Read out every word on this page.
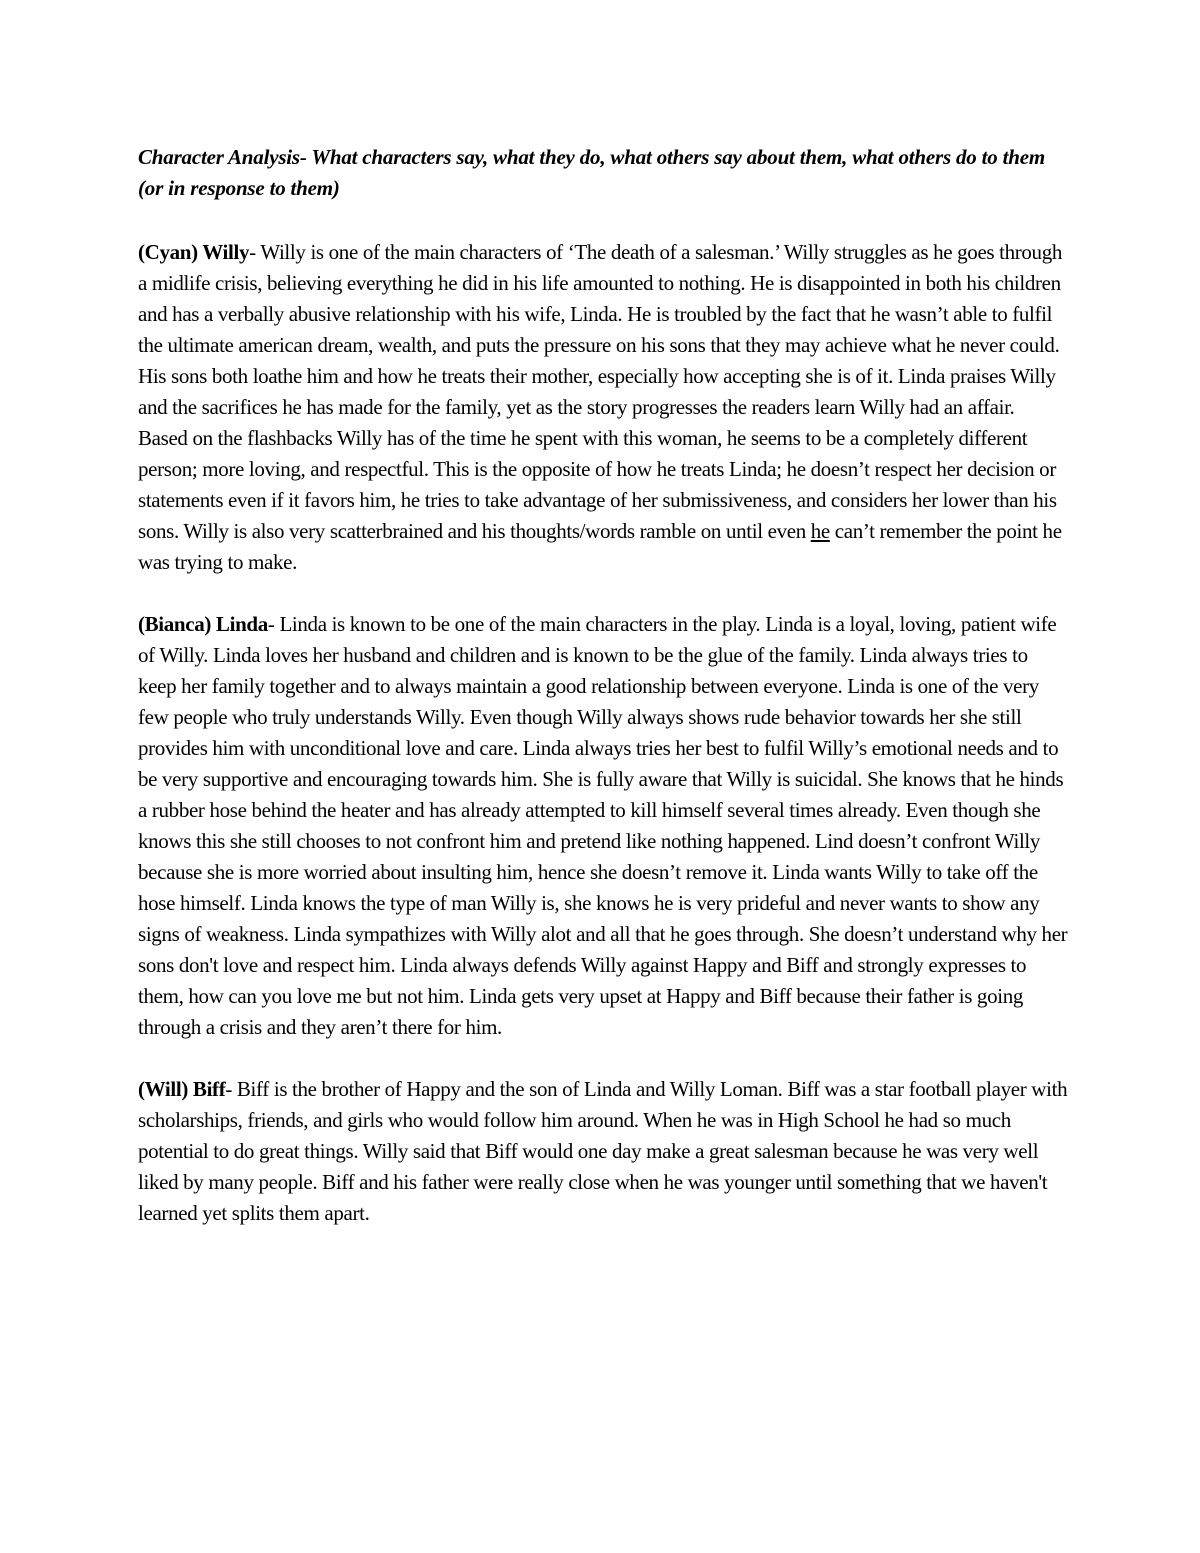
Character Analysis- What characters say, what they do, what others say about them, what others do to them (or in response to them)

(Cyan) Willy- Willy is one of the main characters of ‘The death of a salesman.’ Willy struggles as he goes through a midlife crisis, believing everything he did in his life amounted to nothing. He is disappointed in both his children and has a verbally abusive relationship with his wife, Linda. He is troubled by the fact that he wasn’t able to fulfil the ultimate american dream, wealth, and puts the pressure on his sons that they may achieve what he never could. His sons both loathe him and how he treats their mother, especially how accepting she is of it. Linda praises Willy and the sacrifices he has made for the family, yet as the story progresses the readers learn Willy had an affair. Based on the flashbacks Willy has of the time he spent with this woman, he seems to be a completely different person; more loving, and respectful. This is the opposite of how he treats Linda; he doesn’t respect her decision or statements even if it favors him, he tries to take advantage of her submissiveness, and considers her lower than his sons. Willy is also very scatterbrained and his thoughts/words ramble on until even he can’t remember the point he was trying to make.

(Bianca) Linda- Linda is known to be one of the main characters in the play. Linda is a loyal, loving, patient wife of Willy. Linda loves her husband and children and is known to be the glue of the family. Linda always tries to keep her family together and to always maintain a good relationship between everyone. Linda is one of the very few people who truly understands Willy. Even though Willy always shows rude behavior towards her she still provides him with unconditional love and care. Linda always tries her best to fulfil Willy’s emotional needs and to be very supportive and encouraging towards him. She is fully aware that Willy is suicidal. She knows that he hinds a rubber hose behind the heater and has already attempted to kill himself several times already. Even though she knows this she still chooses to not confront him and pretend like nothing happened. Lind doesn’t confront Willy because she is more worried about insulting him, hence she doesn’t remove it. Linda wants Willy to take off the hose himself. Linda knows the type of man Willy is, she knows he is very prideful and never wants to show any signs of weakness. Linda sympathizes with Willy alot and all that he goes through. She doesn’t understand why her sons don't love and respect him. Linda always defends Willy against Happy and Biff and strongly expresses to them, how can you love me but not him. Linda gets very upset at Happy and Biff because their father is going through a crisis and they aren’t there for him.

(Will) Biff- Biff is the brother of Happy and the son of Linda and Willy Loman. Biff was a star football player with scholarships, friends, and girls who would follow him around. When he was in High School he had so much potential to do great things. Willy said that Biff would one day make a great salesman because he was very well liked by many people. Biff and his father were really close when he was younger until something that we haven't learned yet splits them apart.
